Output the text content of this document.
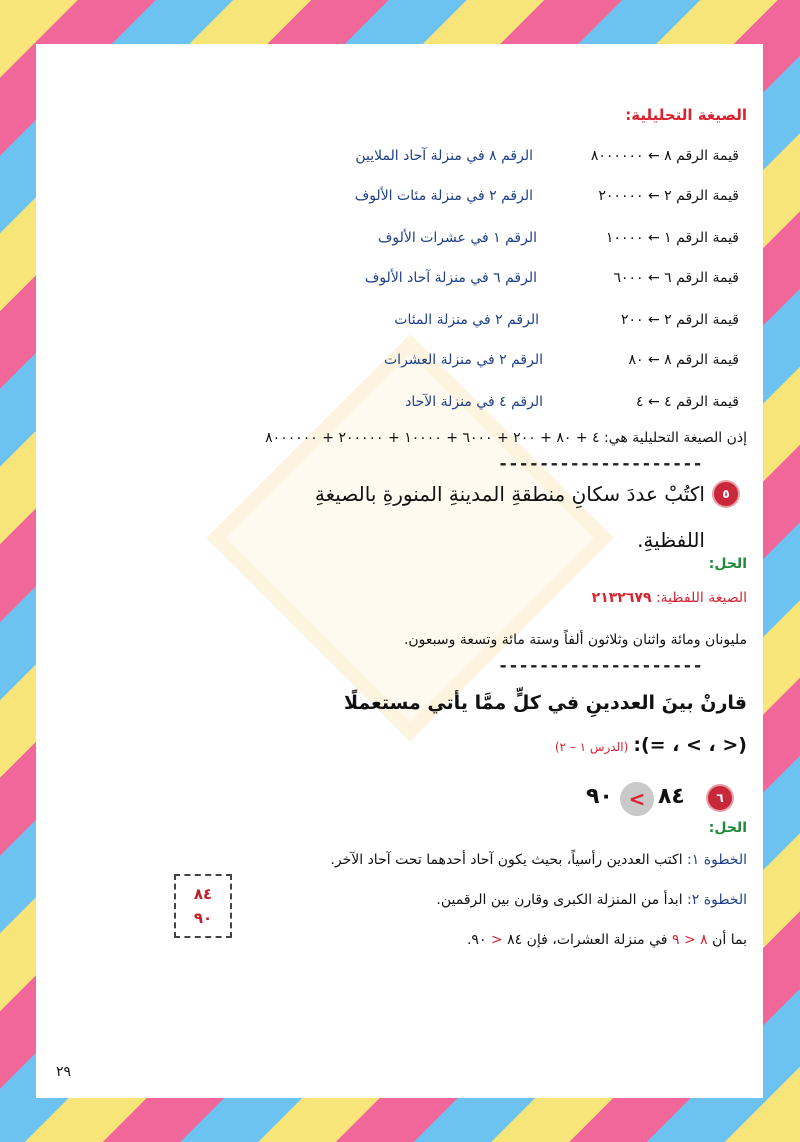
الصيغة التحليلية:
قيمة الرقم ٨ ← ٨٠٠٠٠٠٠
الرقم ٨ في منزلة آحاد الملايين
قيمة الرقم ٢ ← ٢٠٠٠٠٠
الرقم ٢ في منزلة مئات الألوف
قيمة الرقم ١ ← ١٠٠٠٠
الرقم ١ في عشرات الألوف
قيمة الرقم ٦ ← ٦٠٠٠
الرقم ٦ في منزلة آحاد الألوف
قيمة الرقم ٢ ← ٢٠٠
الرقم ٢ في منزلة المئات
قيمة الرقم ٨ ← ٨٠
الرقم ٢ في منزلة العشرات
قيمة الرقم ٤ ← ٤
الرقم ٤ في منزلة الآحاد
إذن الصيغة التحليلية هي: ٤ + ٨٠ + ٢٠٠ + ٦٠٠٠ + ١٠٠٠٠ + ٢٠٠٠٠٠ + ٨٠٠٠٠٠٠
--------------------
٥
اكتُبْ عددَ سكانِ منطقةِ المدينةِ المنورةِ بالصيغةِ
اللفظيةِ.
الحل:
الصيغة اللفظية: ٢١٣٢٦٧٩
مليونان ومائة واثنان وثلاثون ألفاً وستة مائة وتسعة وسبعون.
--------------------
قارنْ بينَ العددينِ في كلٍّ ممَّا يأتي مستعملًا
(< ، > ، =): (الدرس ١ – ٢)
٦
٨٤
<
٩٠
الحل:
الخطوة ١: اكتب العددين رأسياً، بحيث يكون آحاد أحدهما تحت آحاد الآخر.
الخطوة ٢: ابدأ من المنزلة الكبرى وقارن بين الرقمين.
بما أن ٨ < ٩ في منزلة العشرات، فإن ٨٤ < ٩٠.
٨٤
٩٠
٢٩
